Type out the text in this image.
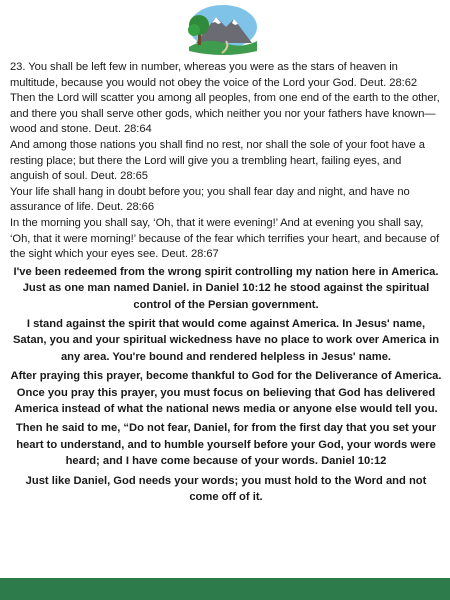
23. You shall be left few in number, whereas you were as the stars of heaven in multitude, because you would not obey the voice of the Lord your God. Deut. 28:62

Then the Lord will scatter you among all peoples, from one end of the earth to the other, and there you shall serve other gods, which neither you nor your fathers have known—wood and stone. Deut. 28:64

And among those nations you shall find no rest, nor shall the sole of your foot have a resting place; but there the Lord will give you a trembling heart, failing eyes, and anguish of soul. Deut. 28:65

Your life shall hang in doubt before you; you shall fear day and night, and have no assurance of life. Deut. 28:66

In the morning you shall say, ‘Oh, that it were evening!’ And at evening you shall say, ‘Oh, that it were morning!’ because of the fear which terrifies your heart, and because of the sight which your eyes see. Deut. 28:67

I've been redeemed from the wrong spirit controlling my nation here in America. Just as one man named Daniel. in Daniel 10:12 he stood against the spiritual control of the Persian government.

I stand against the spirit that would come against America. In Jesus' name, Satan, you and your spiritual wickedness have no place to work over America in any area. You're bound and rendered helpless in Jesus' name.

After praying this prayer, become thankful to God for the Deliverance of America. Once you pray this prayer, you must focus on believing that God has delivered America instead of what the national news media or anyone else would tell you.

Then he said to me, “Do not fear, Daniel, for from the first day that you set your heart to understand, and to humble yourself before your God, your words were heard; and I have come because of your words. Daniel 10:12

Just like Daniel, God needs your words; you must hold to the Word and not come off of it.
